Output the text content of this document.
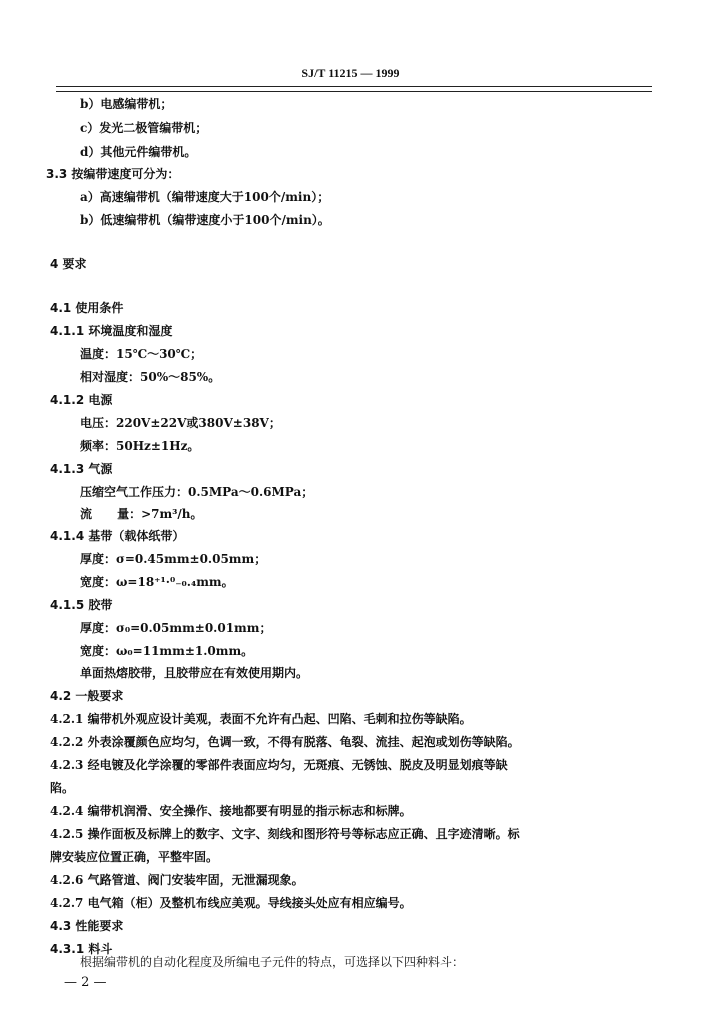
SJ/T 11215 — 1999
b）电感编带机；
c）发光二极管编带机；
d）其他元件编带机。
3.3 按编带速度可分为：
a）高速编带机（编带速度大于100个/min）；
b）低速编带机（编带速度小于100个/min）。
4 要求
4.1 使用条件
4.1.1 环境温度和湿度
温度：15℃～30℃；
相对湿度：50%～85%。
4.1.2 电源
电压：220V±22V或380V±38V；
频率：50Hz±1Hz。
4.1.3 气源
压缩空气工作压力：0.5MPa～0.6MPa；
流      量：>7m³/h。
4.1.4 基带（载体纸带）
厚度：σ=0.45mm±0.05mm；
宽度：ω=18⁺¹·⁰₋₀.₄mm。
4.1.5 胶带
厚度：σ₀=0.05mm±0.01mm；
宽度：ω₀=11mm±1.0mm。
单面热熔胶带，且胶带应在有效使用期内。
4.2 一般要求
4.2.1 编带机外观应设计美观，表面不允许有凸起、凹陷、毛刺和拉伤等缺陷。
4.2.2 外表涂覆颜色应均匀，色调一致，不得有脱落、龟裂、流挂、起泡或划伤等缺陷。
4.2.3 经电镀及化学涂覆的零部件表面应均匀，无斑痕、无锈蚀、脱皮及明显划痕等缺
陷。
4.2.4 编带机润滑、安全操作、接地都要有明显的指示标志和标牌。
4.2.5 操作面板及标牌上的数字、文字、刻线和图形符号等标志应正确、且字迹清晰。标
牌安装应位置正确，平整牢固。
4.2.6 气路管道、阀门安装牢固，无泄漏现象。
4.2.7 电气箱（柜）及整机布线应美观。导线接头处应有相应编号。
4.3 性能要求
4.3.1 料斗
根据编带机的自动化程度及所编电子元件的特点，可选择以下四种料斗：
— 2 —
